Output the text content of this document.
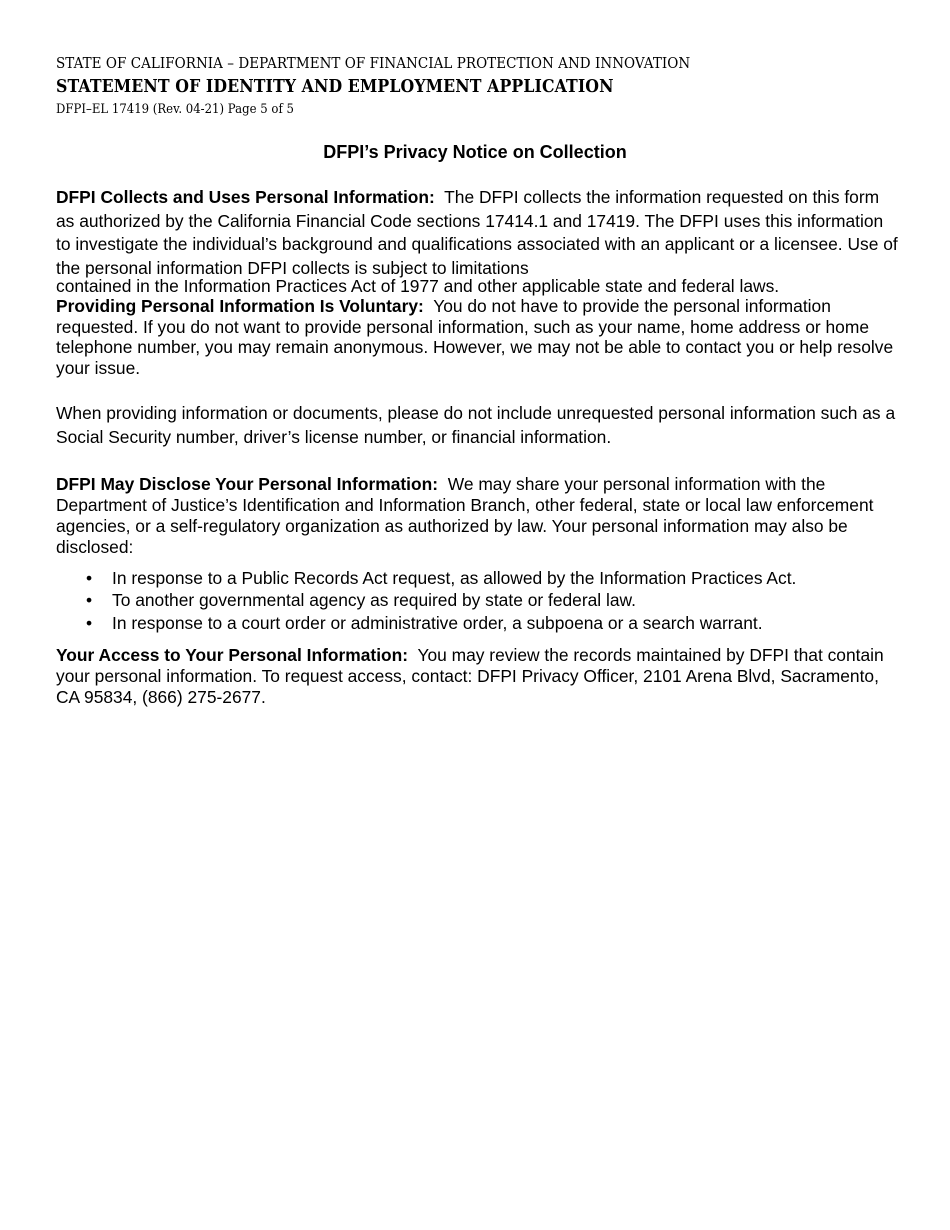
STATE OF CALIFORNIA – DEPARTMENT OF FINANCIAL PROTECTION AND INNOVATION
STATEMENT OF IDENTITY AND EMPLOYMENT APPLICATION
DFPI–EL 17419 (Rev. 04-21) Page 5 of 5
DFPI’s Privacy Notice on Collection

DFPI Collects and Uses Personal Information: The DFPI collects the information requested on this form as authorized by the California Financial Code sections 17414.1 and 17419. The DFPI uses this information to investigate the individual’s background and qualifications associated with an applicant or a licensee. Use of the personal information DFPI collects is subject to limitations

contained in the Information Practices Act of 1977 and other applicable state and federal laws.

Providing Personal Information Is Voluntary: You do not have to provide the personal information requested. If you do not want to provide personal information, such as your name, home address or home telephone number, you may remain anonymous. However, we may not be able to contact you or help resolve your issue.

When providing information or documents, please do not include unrequested personal information such as a Social Security number, driver’s license number, or financial information.

DFPI May Disclose Your Personal Information: We may share your personal information with the Department of Justice’s Identification and Information Branch, other federal, state or local law enforcement agencies, or a self-regulatory organization as authorized by law. Your personal information may also be disclosed:

• In response to a Public Records Act request, as allowed by the Information Practices Act.
• To another governmental agency as required by state or federal law.
• In response to a court order or administrative order, a subpoena or a search warrant.

Your Access to Your Personal Information: You may review the records maintained by DFPI that contain your personal information. To request access, contact: DFPI Privacy Officer, 2101 Arena Blvd, Sacramento, CA 95834, (866) 275-2677.
